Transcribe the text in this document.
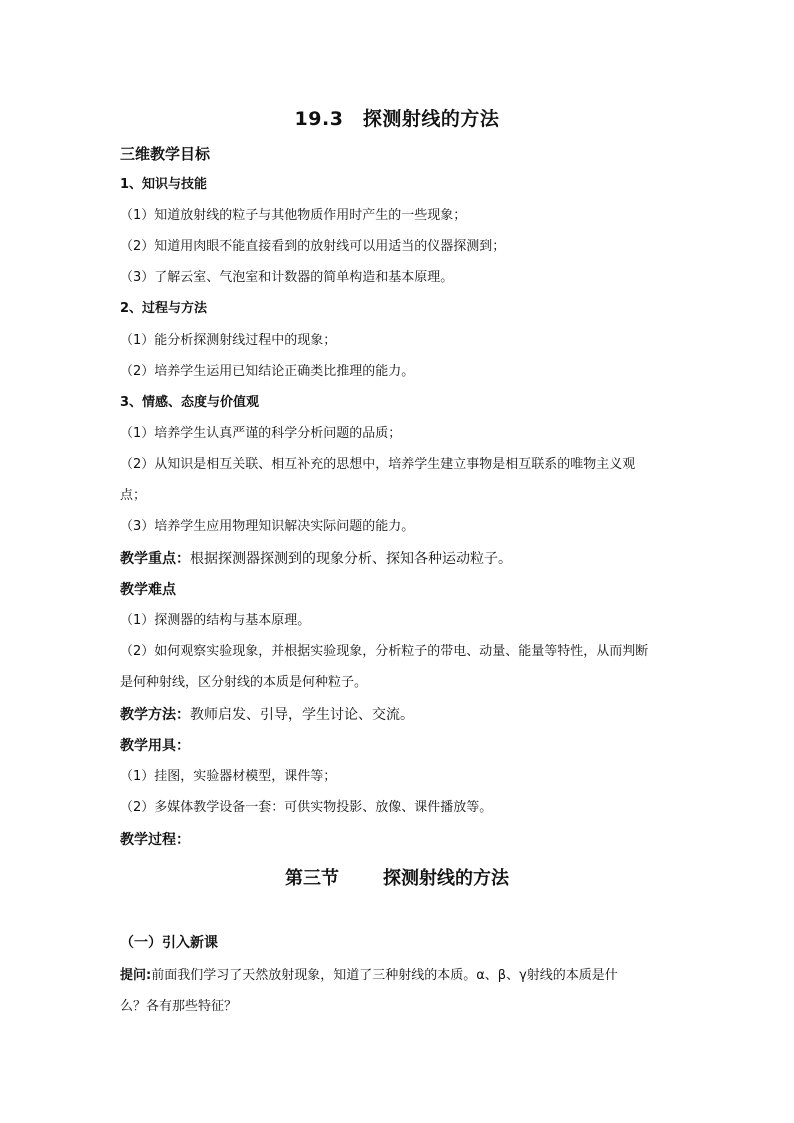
19.3　探测射线的方法
三维教学目标
1、知识与技能
（1）知道放射线的粒子与其他物质作用时产生的一些现象；
（2）知道用肉眼不能直接看到的放射线可以用适当的仪器探测到；
（3）了解云室、气泡室和计数器的简单构造和基本原理。
2、过程与方法
（1）能分析探测射线过程中的现象；
（2）培养学生运用已知结论正确类比推理的能力。
3、情感、态度与价值观
（1）培养学生认真严谨的科学分析问题的品质；
（2）从知识是相互关联、相互补充的思想中，培养学生建立事物是相互联系的唯物主义观
点；
（3）培养学生应用物理知识解决实际问题的能力。
教学重点：根据探测器探测到的现象分析、探知各种运动粒子。
教学难点
（1）探测器的结构与基本原理。
（2）如何观察实验现象，并根据实验现象，分析粒子的带电、动量、能量等特性，从而判断
是何种射线，区分射线的本质是何种粒子。
教学方法：教师启发、引导，学生讨论、交流。
教学用具：
（1）挂图，实验器材模型，课件等；
（2）多媒体教学设备一套：可供实物投影、放像、课件播放等。
教学过程：
第三节 探测射线的方法
（一）引入新课
提问:前面我们学习了天然放射现象，知道了三种射线的本质。α、β、γ射线的本质是什
么？各有那些特征？
